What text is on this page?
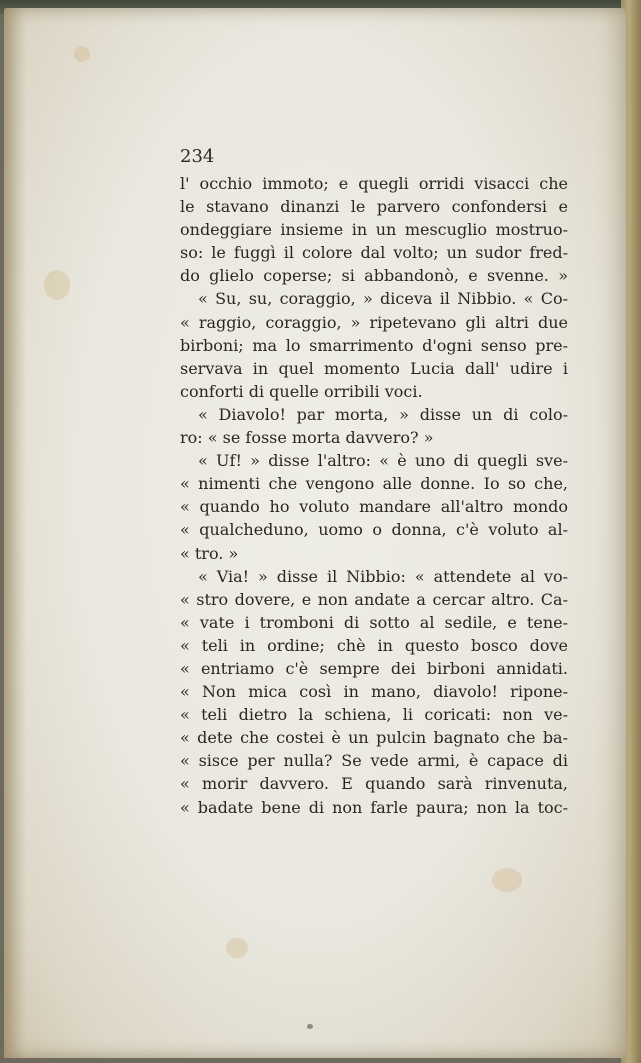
234
l' occhio immoto; e quegli orridi visacci che
le stavano dinanzi le parvero confondersi e
ondeggiare insieme in un mescuglio mostruo-
so: le fuggì il colore dal volto; un sudor fred-
do glielo coperse; si abbandonò, e svenne. »
« Su, su, coraggio, » diceva il Nibbio. « Co-
« raggio, coraggio, » ripetevano gli altri due
birboni; ma lo smarrimento d'ogni senso pre-
servava in quel momento Lucia dall' udire i
conforti di quelle orribili voci.
« Diavolo! par morta, » disse un di colo-
ro: « se fosse morta davvero? »
« Uf! » disse l'altro: « è uno di quegli sve-
« nimenti che vengono alle donne. Io so che,
« quando ho voluto mandare all'altro mondo
« qualcheduno, uomo o donna, c'è voluto al-
« tro. »
« Via! » disse il Nibbio: « attendete al vo-
« stro dovere, e non andate a cercar altro. Ca-
« vate i tromboni di sotto al sedile, e tene-
« teli in ordine; chè in questo bosco dove
« entriamo c'è sempre dei birboni annidati.
« Non mica così in mano, diavolo! ripone-
« teli dietro la schiena, li coricati: non ve-
« dete che costei è un pulcin bagnato che ba-
« sisce per nulla? Se vede armi, è capace di
« morir davvero. E quando sarà rinvenuta,
« badate bene di non farle paura; non la toc-
